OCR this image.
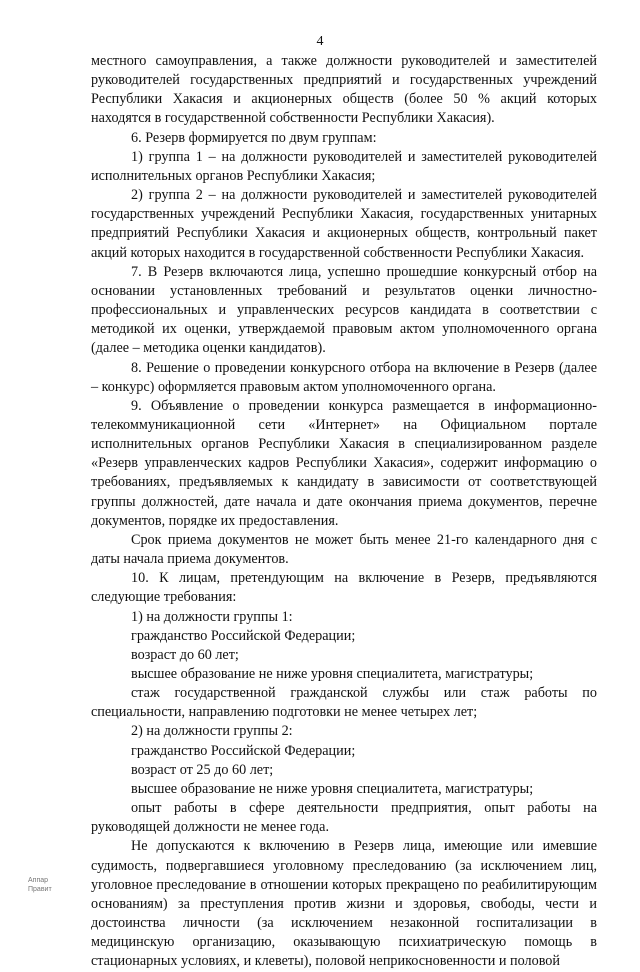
4

местного самоуправления, а также должности руководителей и заместителей руководителей государственных предприятий и государственных учреждений Республики Хакасия и акционерных обществ (более 50 % акций которых находятся в государственной собственности Республики Хакасия).

6. Резерв формируется по двум группам:

1) группа 1 – на должности руководителей и заместителей руководителей исполнительных органов Республики Хакасия;

2) группа 2 – на должности руководителей и заместителей руководителей государственных учреждений Республики Хакасия, государственных унитарных предприятий Республики Хакасия и акционерных обществ, контрольный пакет акций которых находится в государственной собственности Республики Хакасия.

7. В Резерв включаются лица, успешно прошедшие конкурсный отбор на основании установленных требований и результатов оценки личностно-профессиональных и управленческих ресурсов кандидата в соответствии с методикой их оценки, утверждаемой правовым актом уполномоченного органа (далее – методика оценки кандидатов).

8. Решение о проведении конкурсного отбора на включение в Резерв (далее – конкурс) оформляется правовым актом уполномоченного органа.

9. Объявление о проведении конкурса размещается в информационно-телекоммуникационной сети «Интернет» на Официальном портале исполнительных органов Республики Хакасия в специализированном разделе «Резерв управленческих кадров Республики Хакасия», содержит информацию о требованиях, предъявляемых к кандидату в зависимости от соответствующей группы должностей, дате начала и дате окончания приема документов, перечне документов, порядке их предоставления.

Срок приема документов не может быть менее 21-го календарного дня с даты начала приема документов.

10. К лицам, претендующим на включение в Резерв, предъявляются следующие требования:

1) на должности группы 1:

гражданство Российской Федерации;

возраст до 60 лет;

высшее образование не ниже уровня специалитета, магистратуры;

стаж государственной гражданской службы или стаж работы по специальности, направлению подготовки не менее четырех лет;

2) на должности группы 2:

гражданство Российской Федерации;

возраст от 25 до 60 лет;

высшее образование не ниже уровня специалитета, магистратуры;

опыт работы в сфере деятельности предприятия, опыт работы на руководящей должности не менее года.

Не допускаются к включению в Резерв лица, имеющие или имевшие судимость, подвергавшиеся уголовному преследованию (за исключением лиц, уголовное преследование в отношении которых прекращено по реабилитирующим основаниям) за преступления против жизни и здоровья, свободы, чести и достоинства личности (за исключением незаконной госпитализации в медицинскую организацию, оказывающую психиатрическую помощь в стационарных условиях, и клеветы), половой неприкосновенности и половой

Аппар
Правит
